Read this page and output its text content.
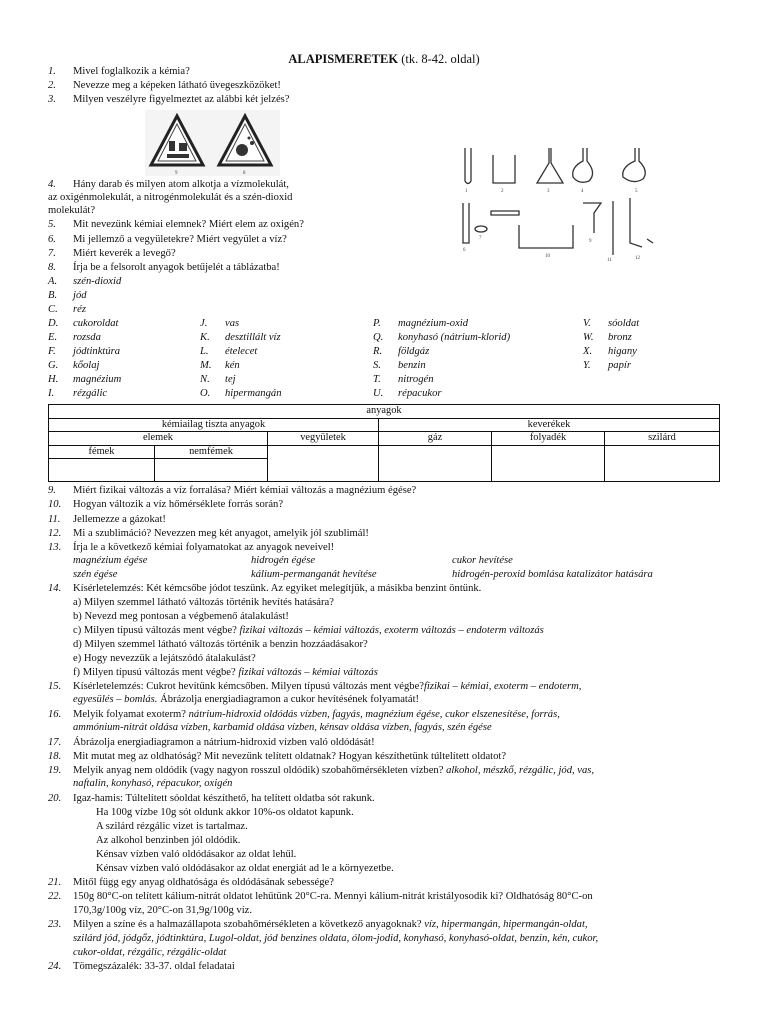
ALAPISMERETEK (tk. 8-42. oldal)
1. Mivel foglalkozik a kémia?
2. Nevezze meg a képeken látható üvegeszközöket!
3. Milyen veszélyre figyelmeztet az alábbi két jelzés?
9	8
1	2	3	4	5
6
7
10
9
11	12
4. Hány darab és milyen atom alkotja a vízmolekulát,
az oxigénmolekulát, a nitrogénmolekulát és a szén-dioxid
molekulát?
5. Mit nevezünk kémiai elemnek? Miért elem az oxigén?
6. Mi jellemző a vegyületekre? Miért vegyület a víz?
7. Miért keverék a levegő?
8. Írja be a felsorolt anyagok betűjelét a táblázatba!
A. szén-dioxid
B. jód
C. réz
D. cukoroldat
E. rozsda
F. jódtinktúra
G. kőolaj
H. magnézium
I. rézgálic
J. vas
K. desztillált víz
L. ételecet
M. kén
N. tej
O. hipermangán
P. magnézium-oxid
Q. konyhasó (nátrium-klorid)
R. földgáz
S. benzin
T. nitrogén
U. répacukor
V. sóoldat
W. bronz
X. higany
Y. papír
anyagok					
kémiailag tiszta anyagok			keverékek		
elemek		vegyületek	gáz	folyadék	szilárd
fémek	nemfémek				

9. Miért fizikai változás a víz forralása? Miért kémiai változás a magnézium égése?
10. Hogyan változik a víz hőmérséklete forrás során?
11. Jellemezze a gázokat!
12. Mi a szublimáció? Nevezzen meg két anyagot, amelyik jól szublimál!
13. Írja le a következő kémiai folyamatokat az anyagok neveivel!
magnézium égése	hidrogén égése	cukor hevítése
szén égése	kálium-permanganát hevítése	hidrogén-peroxid bomlása katalizátor hatására
14. Kísérletelemzés: Két kémcsőbe jódot teszünk. Az egyiket melegítjük, a másikba benzint öntünk.
a) Milyen szemmel látható változás történik hevítés hatására?
b) Nevezd meg pontosan a végbemenő átalakulást!
c) Milyen típusú változás ment végbe? fizikai változás – kémiai változás, exoterm változás – endoterm változás
d) Milyen szemmel látható változás történik a benzin hozzáadásakor?
e) Hogy nevezzük a lejátszódó átalakulást?
f) Milyen típusú változás ment végbe? fizikai változás – kémiai változás
15. Kísérletelemzés: Cukrot hevítünk kémcsőben. Milyen típusú változás ment végbe?fizikai – kémiai, exoterm – endoterm,
egyesülés – bomlás. Ábrázolja energiadiagramon a cukor hevítésének folyamatát!
16. Melyik folyamat exoterm? nátrium-hidroxid oldódás vízben, fagyás, magnézium égése, cukor elszenesítése, forrás,
ammónium-nitrát oldása vízben, karbamid oldása vízben, kénsav oldása vízben, fagyás, szén égése
17. Ábrázolja energiadiagramon a nátrium-hidroxid vízben való oldódását!
18. Mit mutat meg az oldhatóság? Mit nevezünk telített oldatnak? Hogyan készíthetünk túltelített oldatot?
19. Melyik anyag nem oldódik (vagy nagyon rosszul oldódik) szobahőmérsékleten vízben? alkohol, mészkő, rézgálic, jód, vas,
naftalin, konyhasó, répacukor, oxigén
20. Igaz-hamis: Túltelített sóoldat készíthető, ha telített oldatba sót rakunk.
Ha 100g vízbe 10g sót oldunk akkor 10%-os oldatot kapunk.
A szilárd rézgálic vizet is tartalmaz.
Az alkohol benzinben jól oldódik.
Kénsav vízben való oldódásakor az oldat lehűl.
Kénsav vízben való oldódásakor az oldat energiát ad le a környezetbe.
21. Mitől függ egy anyag oldhatósága és oldódásának sebessége?
22. 150g 80°C-on telített kálium-nitrát oldatot lehűtünk 20°C-ra. Mennyi kálium-nitrát kristályosodik ki? Oldhatóság 80°C-on
170,3g/100g víz, 20°C-on 31,9g/100g víz.
23. Milyen a színe és a halmazállapota szobahőmérsékleten a következő anyagoknak? víz, hipermangán, hipermangán-oldat,
szilárd jód, jódgőz, jódtinktúra, Lugol-oldat, jód benzines oldata, ólom-jodid, konyhasó, konyhasó-oldat, benzin, kén, cukor,
cukor-oldat, rézgálic, rézgálic-oldat
24. Tömegszázalék: 33-37. oldal feladatai
